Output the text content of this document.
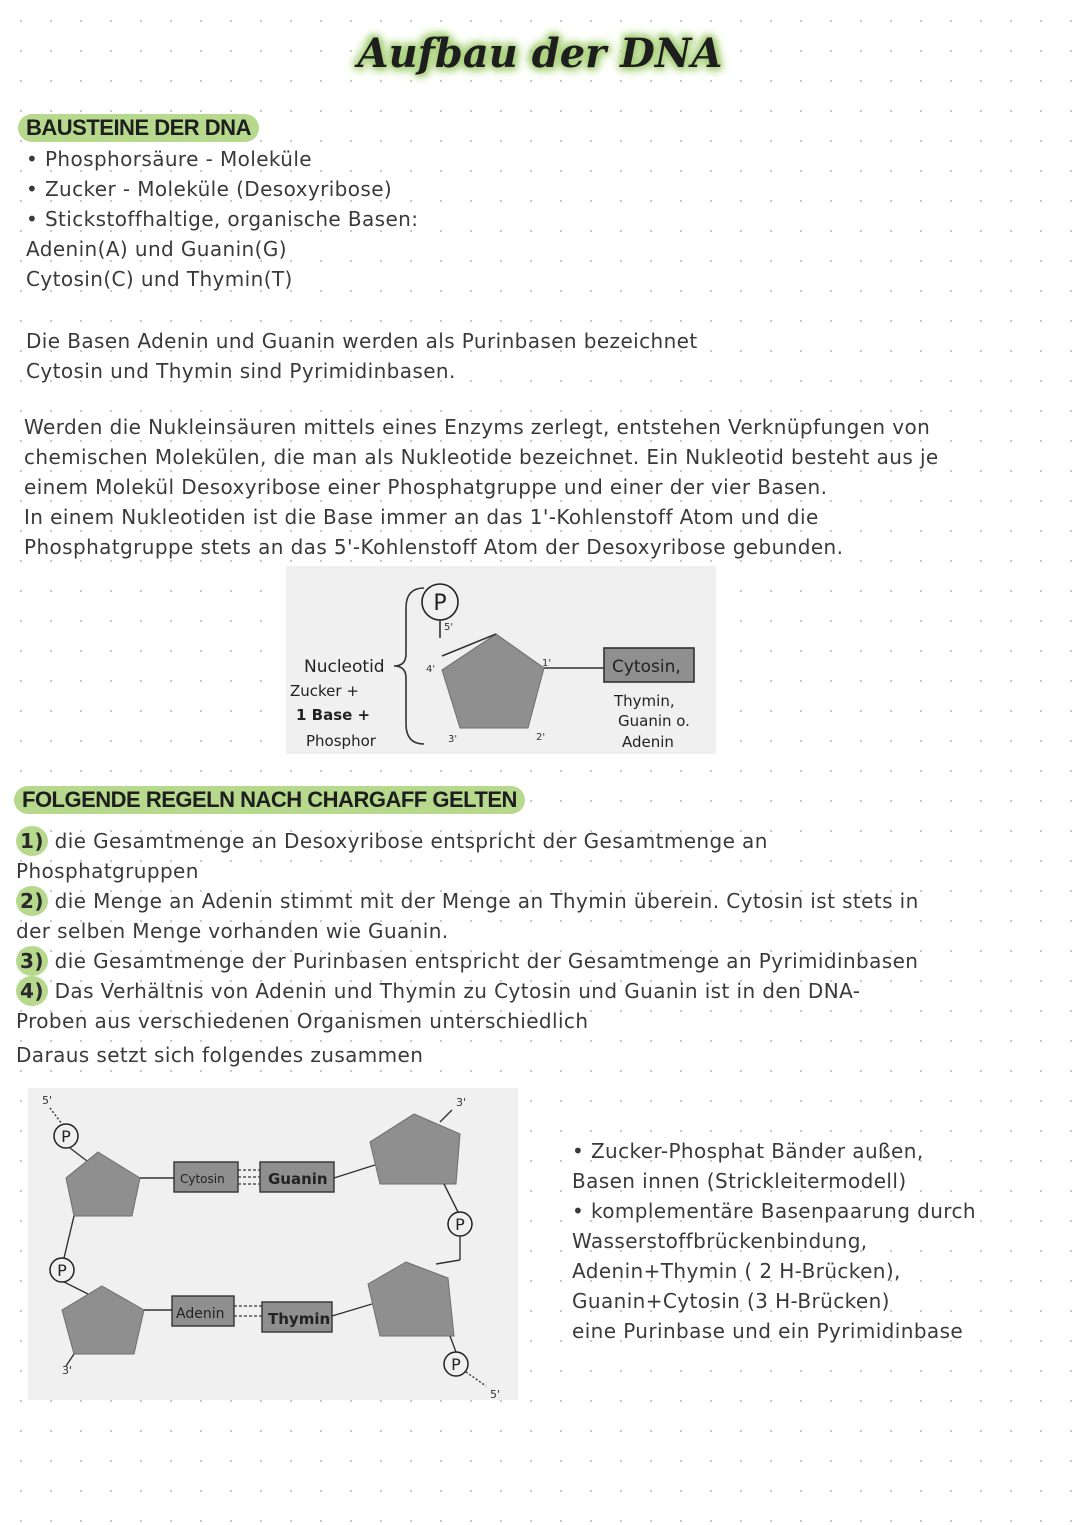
Aufbau der DNA
BAUSTEINE DER DNA
• Phosphorsäure - Moleküle
• Zucker - Moleküle (Desoxyribose)
• Stickstoffhaltige, organische Basen:
Adenin(A) und Guanin(G)
Cytosin(C) und Thymin(T)
Die Basen Adenin und Guanin werden als Purinbasen bezeichnet
Cytosin und Thymin sind Pyrimidinbasen.
Werden die Nukleinsäuren mittels eines Enzyms zerlegt, entstehen Verknüpfungen von
chemischen Molekülen, die man als Nukleotide bezeichnet. Ein Nukleotid besteht aus je
einem Molekül Desoxyribose einer Phosphatgruppe und einer der vier Basen.
In einem Nukleotiden ist die Base immer an das 1'-Kohlenstoff Atom und die
Phosphatgruppe stets an das 5'-Kohlenstoff Atom der Desoxyribose gebunden.
P
5'
4'
3'	2'
1'	Cytosin,
Thymin,
Guanin o.
Adenin
Nucleotid
Zucker +
1 Base +
Phosphor
FOLGENDE REGELN NACH CHARGAFF GELTEN
1) die Gesamtmenge an Desoxyribose entspricht der Gesamtmenge an
Phosphatgruppen
2) die Menge an Adenin stimmt mit der Menge an Thymin überein. Cytosin ist stets in
der selben Menge vorhanden wie Guanin.
3) die Gesamtmenge der Purinbasen entspricht der Gesamtmenge an Pyrimidinbasen
4) Das Verhältnis von Adenin und Thymin zu Cytosin und Guanin ist in den DNA-
Proben aus verschiedenen Organismen unterschiedlich
Daraus setzt sich folgendes zusammen
5'	3'
3'
5'
P
P
Cytosin	Guanin
Adenin	Thymin
P
P
• Zucker-Phosphat Bänder außen,
Basen innen (Strickleitermodell)
• komplementäre Basenpaarung durch
Wasserstoffbrückenbindung,
Adenin+Thymin ( 2 H-Brücken),
Guanin+Cytosin (3 H-Brücken)
eine Purinbase und ein Pyrimidinbase
